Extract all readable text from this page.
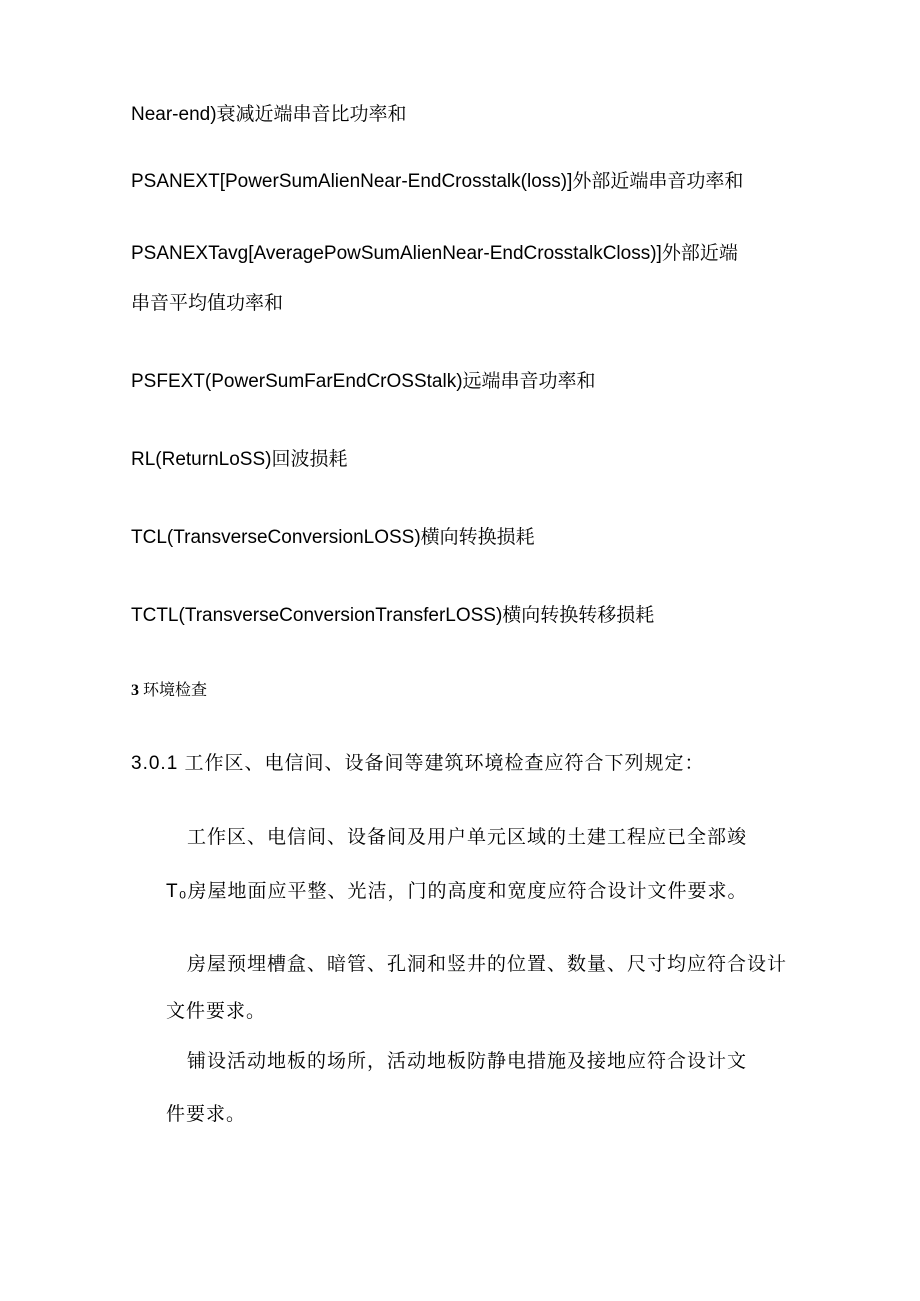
Near-end)衰减近端串音比功率和
PSANEXT[PowerSumAlienNear-EndCrosstalk(loss)]外部近端串音功率和
PSANEXTavg[AveragePowSumAlienNear-EndCrosstalkCloss)]外部近端
串音平均值功率和
PSFEXT(PowerSumFarEndCrOSStalk)远端串音功率和
RL(ReturnLoSS)回波损耗
TCL(TransverseConversionLOSS)横向转换损耗
TCTL(TransverseConversionTransferLOSS)横向转换转移损耗
3 环境检查
3.0.1 工作区、电信间、设备间等建筑环境检查应符合下列规定：
工作区、电信间、设备间及用户单元区域的土建工程应已全部竣
T₀房屋地面应平整、光洁，门的高度和宽度应符合设计文件要求。
房屋预埋槽盒、暗管、孔洞和竖井的位置、数量、尺寸均应符合设计
文件要求。
铺设活动地板的场所，活动地板防静电措施及接地应符合设计文
件要求。
